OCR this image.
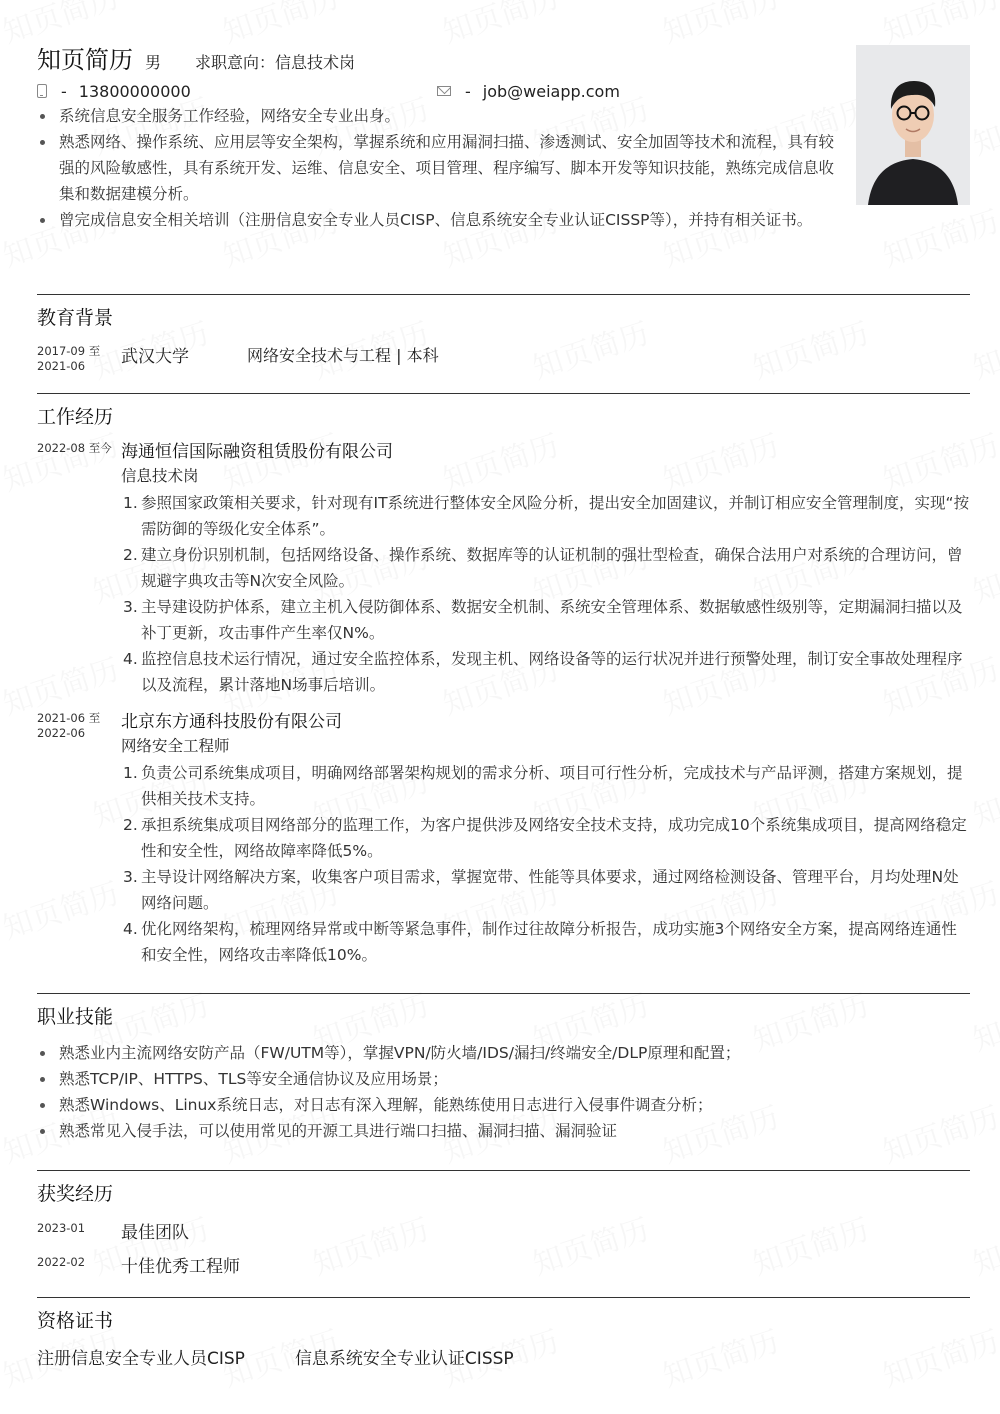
知页简历 男 求职意向：信息技术岗
- 13800000000	- job@weiapp.com
系统信息安全服务工作经验，网络安全专业出身。
熟悉网络、操作系统、应用层等安全架构，掌握系统和应用漏洞扫描、渗透测试、安全加固等技术和流程，具有较强的风险敏感性，具有系统开发、运维、信息安全、项目管理、程序编写、脚本开发等知识技能，熟练完成信息收集和数据建模分析。
曾完成信息安全相关培训（注册信息安全专业人员CISP、信息系统安全专业认证CISSP等），并持有相关证书。
教育背景
2017-09 至
2021-06	武汉大学	网络安全技术与工程 | 本科
工作经历
2022-08 至今 海通恒信国际融资租赁股份有限公司
信息技术岗
1. 参照国家政策相关要求，针对现有IT系统进行整体安全风险分析，提出安全加固建议，并制订相应安全管理制度，实现“按需防御的等级化安全体系”。
2. 建立身份识别机制，包括网络设备、操作系统、数据库等的认证机制的强壮型检查，确保合法用户对系统的合理访问，曾规避字典攻击等N次安全风险。
3. 主导建设防护体系，建立主机入侵防御体系、数据安全机制、系统安全管理体系、数据敏感性级别等，定期漏洞扫描以及补丁更新，攻击事件产生率仅N%。
4. 监控信息技术运行情况，通过安全监控体系，发现主机、网络设备等的运行状况并进行预警处理，制订安全事故处理程序以及流程，累计落地N场事后培训。
2021-06 至
2022-06
北京东方通科技股份有限公司
网络安全工程师
1. 负责公司系统集成项目，明确网络部署架构规划的需求分析、项目可行性分析，完成技术与产品评测，搭建方案规划，提供相关技术支持。
2. 承担系统集成项目网络部分的监理工作，为客户提供涉及网络安全技术支持，成功完成10个系统集成项目，提高网络稳定性和安全性，网络故障率降低5%。
3. 主导设计网络解决方案，收集客户项目需求，掌握宽带、性能等具体要求，通过网络检测设备、管理平台，月均处理N处网络问题。
4. 优化网络架构，梳理网络异常或中断等紧急事件，制作过往故障分析报告，成功实施3个网络安全方案，提高网络连通性和安全性，网络攻击率降低10%。
职业技能
熟悉业内主流网络安防产品（FW/UTM等），掌握VPN/防火墙/IDS/漏扫/终端安全/DLP原理和配置；
熟悉TCP/IP、HTTPS、TLS等安全通信协议及应用场景；
熟悉Windows、Linux系统日志，对日志有深入理解，能熟练使用日志进行入侵事件调查分析；
熟悉常见入侵手法，可以使用常见的开源工具进行端口扫描、漏洞扫描、漏洞验证
获奖经历
2023-01 最佳团队
2022-02 十佳优秀工程师
资格证书
注册信息安全专业人员CISP	信息系统安全专业认证CISSP
